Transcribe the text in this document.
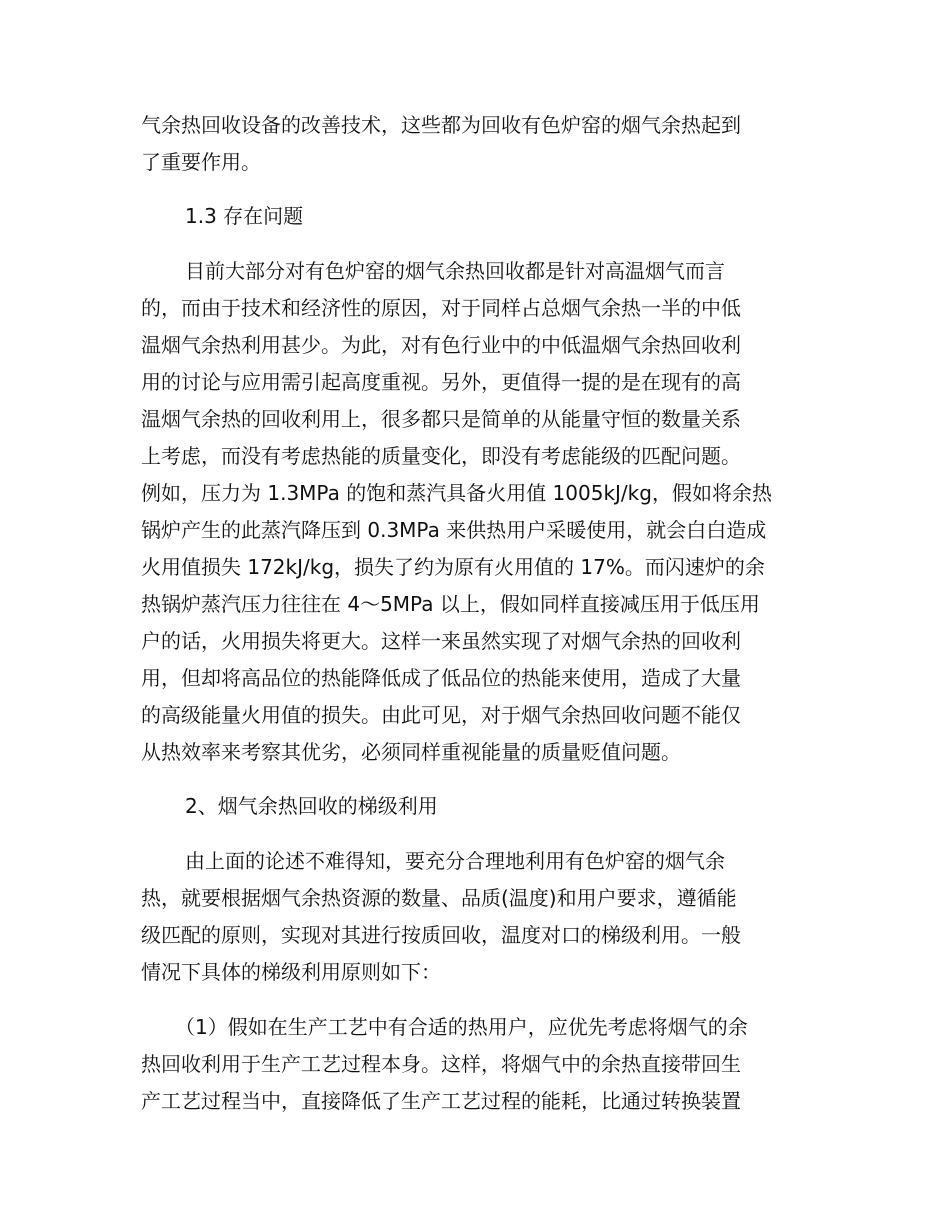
气余热回收设备的改善技术，这些都为回收有色炉窑的烟气余热起到
了重要作用。
1.3 存在问题
目前大部分对有色炉窑的烟气余热回收都是针对高温烟气而言
的，而由于技术和经济性的原因，对于同样占总烟气余热一半的中低
温烟气余热利用甚少。为此，对有色行业中的中低温烟气余热回收利
用的讨论与应用需引起高度重视。另外，更值得一提的是在现有的高
温烟气余热的回收利用上，很多都只是简单的从能量守恒的数量关系
上考虑，而没有考虑热能的质量变化，即没有考虑能级的匹配问题。
例如，压力为 1.3MPa 的饱和蒸汽具备火用值 1005kJ/kg，假如将余热
锅炉产生的此蒸汽降压到 0.3MPa 来供热用户采暖使用，就会白白造成
火用值损失 172kJ/kg，损失了约为原有火用值的 17%。而闪速炉的余
热锅炉蒸汽压力往往在 4～5MPa 以上，假如同样直接减压用于低压用
户的话，火用损失将更大。这样一来虽然实现了对烟气余热的回收利
用，但却将高品位的热能降低成了低品位的热能来使用，造成了大量
的高级能量火用值的损失。由此可见，对于烟气余热回收问题不能仅
从热效率来考察其优劣，必须同样重视能量的质量贬值问题。
2、烟气余热回收的梯级利用
由上面的论述不难得知，要充分合理地利用有色炉窑的烟气余
热，就要根据烟气余热资源的数量、品质(温度)和用户要求，遵循能
级匹配的原则，实现对其进行按质回收，温度对口的梯级利用。一般
情况下具体的梯级利用原则如下：
（1）假如在生产工艺中有合适的热用户，应优先考虑将烟气的余
热回收利用于生产工艺过程本身。这样，将烟气中的余热直接带回生
产工艺过程当中，直接降低了生产工艺过程的能耗，比通过转换装置
